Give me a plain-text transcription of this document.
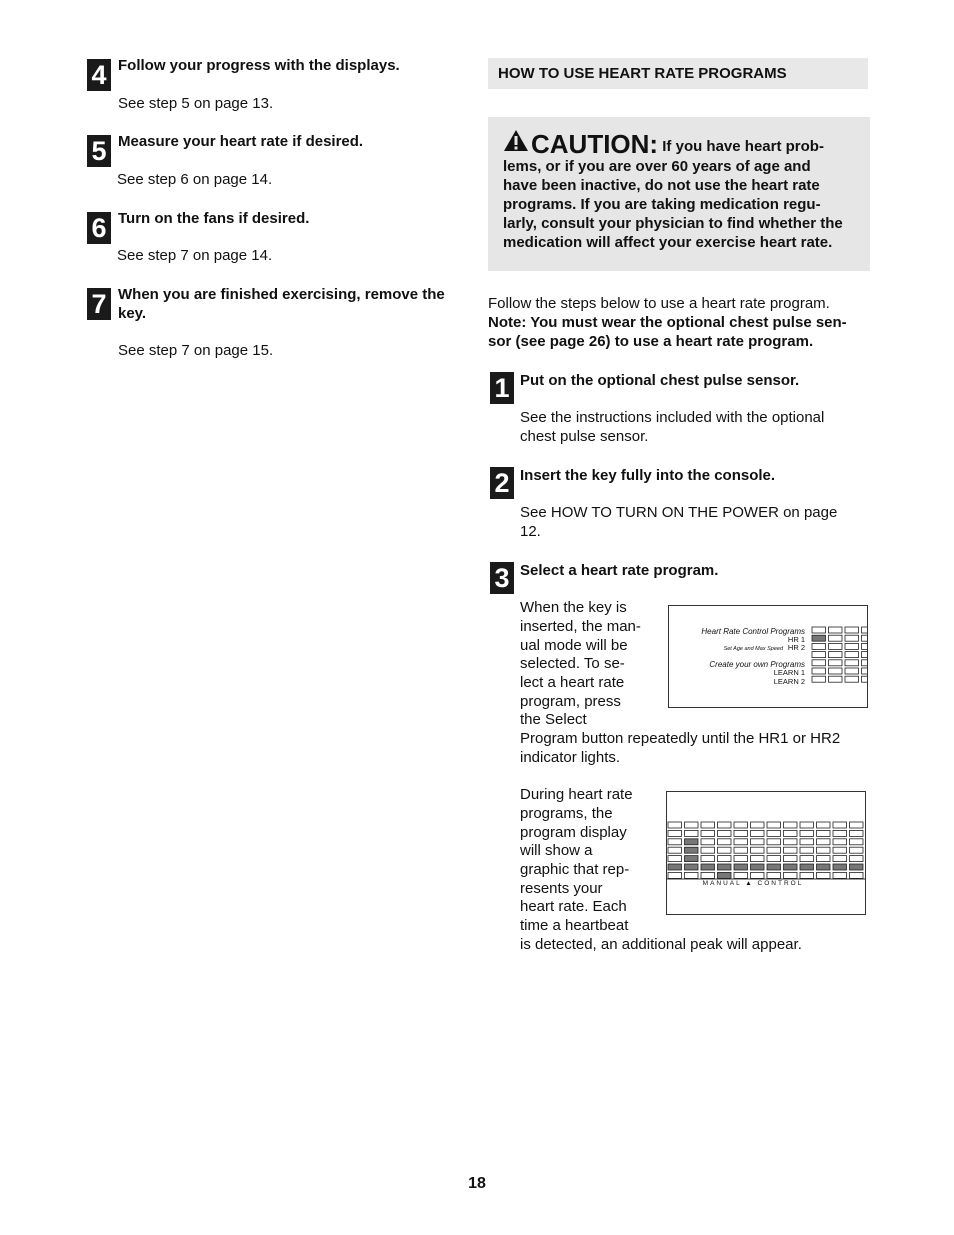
4 Follow your progress with the displays.
See step 5 on page 13.
5 Measure your heart rate if desired.
See step 6 on page 14.
6 Turn on the fans if desired.
See step 7 on page 14.
7 When you are finished exercising, remove the
key.
See step 7 on page 15.
HOW TO USE HEART RATE PROGRAMS
CAUTION: If you have heart prob-
lems, or if you are over 60 years of age and
have been inactive, do not use the heart rate
programs. If you are taking medication regu-
larly, consult your physician to find whether the
medication will affect your exercise heart rate.
Follow the steps below to use a heart rate program.
Note: You must wear the optional chest pulse sen-
sor (see page 26) to use a heart rate program.
1 Put on the optional chest pulse sensor.
See the instructions included with the optional
chest pulse sensor.
2 Insert the key fully into the console.
See HOW TO TURN ON THE POWER on page
12.
3 Select a heart rate program.
When the key is
inserted, the man-
ual mode will be
selected. To se-
lect a heart rate
program, press
the Select
Program button repeatedly until the HR1 or HR2
indicator lights.
Heart Rate Control Programs
HR 1
Set Age and Max Speed HR 2
Create your own Programs
LEARN 1
LEARN 2
During heart rate
programs, the
program display
will show a
graphic that rep-
resents your
heart rate. Each
time a heartbeat
is detected, an additional peak will appear.
MANUAL ▲ CONTROL
18
